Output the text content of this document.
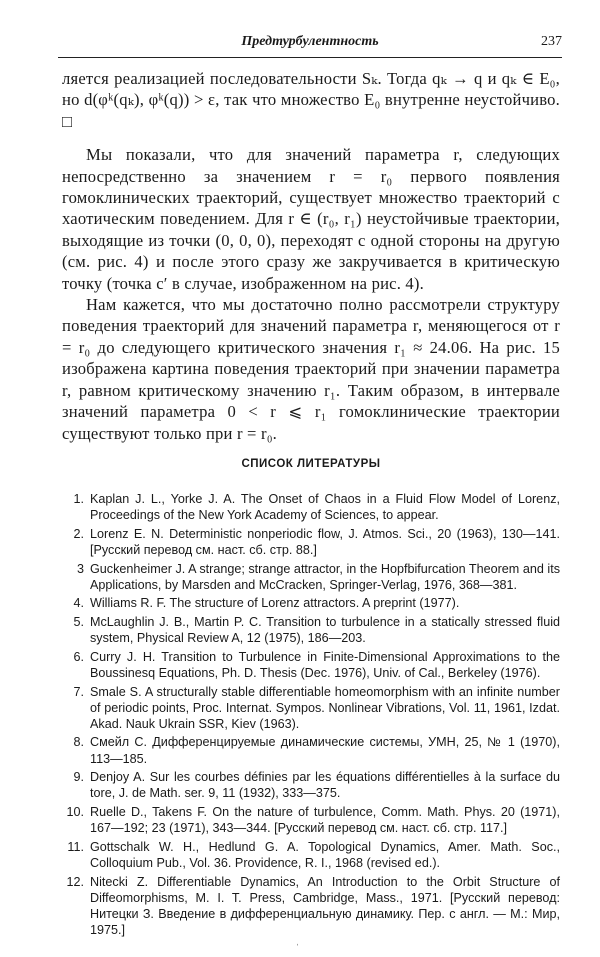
Предтурбулентность	237

ляется реализацией последовательности Sₖ. Тогда qₖ → q и qₖ ∈ E₀, но d(φᵏ(qₖ), φᵏ(q)) > ε, так что множество E₀ внутренне неустойчиво. □

Мы показали, что для значений параметра r, следующих непосредственно за значением r = r₀ первого появления гомоклинических траекторий, существует множество траекторий с хаотическим поведением. Для r ∈ (r₀, r₁) неустойчивые траектории, выходящие из точки (0, 0, 0), переходят с одной стороны на другую (см. рис. 4) и после этого сразу же закручивается в критическую точку (точка c′ в случае, изображенном на рис. 4).

Нам кажется, что мы достаточно полно рассмотрели структуру поведения траекторий для значений параметра r, меняющегося от r = r₀ до следующего критического значения r₁ ≈ 24.06. На рис. 15 изображена картина поведения траекторий при значении параметра r, равном критическому значению r₁. Таким образом, в интервале значений параметра 0 < r ⩽ r₁ гомоклинические траектории существуют только при r = r₀.

СПИСОК ЛИТЕРАТУРЫ
1. Kaplan J. L., Yorke J. A. The Onset of Chaos in a Fluid Flow Model of Lorenz, Proceedings of the New York Academy of Sciences, to appear.
2. Lorenz E. N. Deterministic nonperiodic flow, J. Atmos. Sci., 20 (1963), 130—141. [Русский перевод см. наст. сб. стр. 88.]
3 Guckenheimer J. A strange; strange attractor, in the Hopfbifurcation Theorem and its Applications, by Marsden and McCracken, Springer-Verlag, 1976, 368—381.
4. Williams R. F. The structure of Lorenz attractors. A preprint (1977).
5. McLaughlin J. B., Martin P. C. Transition to turbulence in a statically stressed fluid system, Physical Review A, 12 (1975), 186—203.
6. Curry J. H. Transition to Turbulence in Finite-Dimensional Approximations to the Boussinesq Equations, Ph. D. Thesis (Dec. 1976), Univ. of Cal., Berkeley (1976).
7. Smale S. A structurally stable differentiable homeomorphism with an infinite number of periodic points, Proc. Internat. Sympos. Nonlinear Vibrations, Vol. 11, 1961, Izdat. Akad. Nauk Ukrain SSR, Kiev (1963).
8. Смейл С. Дифференцируемые динамические системы, УМН, 25, № 1 (1970), 113—185.
9. Denjoy A. Sur les courbes définies par les équations différentielles à la surface du tore, J. de Math. ser. 9, 11 (1932), 333—375.
10. Ruelle D., Takens F. On the nature of turbulence, Comm. Math. Phys. 20 (1971), 167—192; 23 (1971), 343—344. [Русский перевод см. наст. сб. стр. 117.]
11. Gottschalk W. H., Hedlund G. A. Topological Dynamics, Amer. Math. Soc., Colloquium Pub., Vol. 36. Providence, R. I., 1968 (revised ed.).
12. Nitecki Z. Differentiable Dynamics, An Introduction to the Orbit Structure of Diffeomorphisms, M. I. T. Press, Cambridge, Mass., 1971. [Русский перевод: Нитецки З. Введение в дифференциальную динамику. Пер. с англ. — М.: Мир, 1975.]
ˌ
